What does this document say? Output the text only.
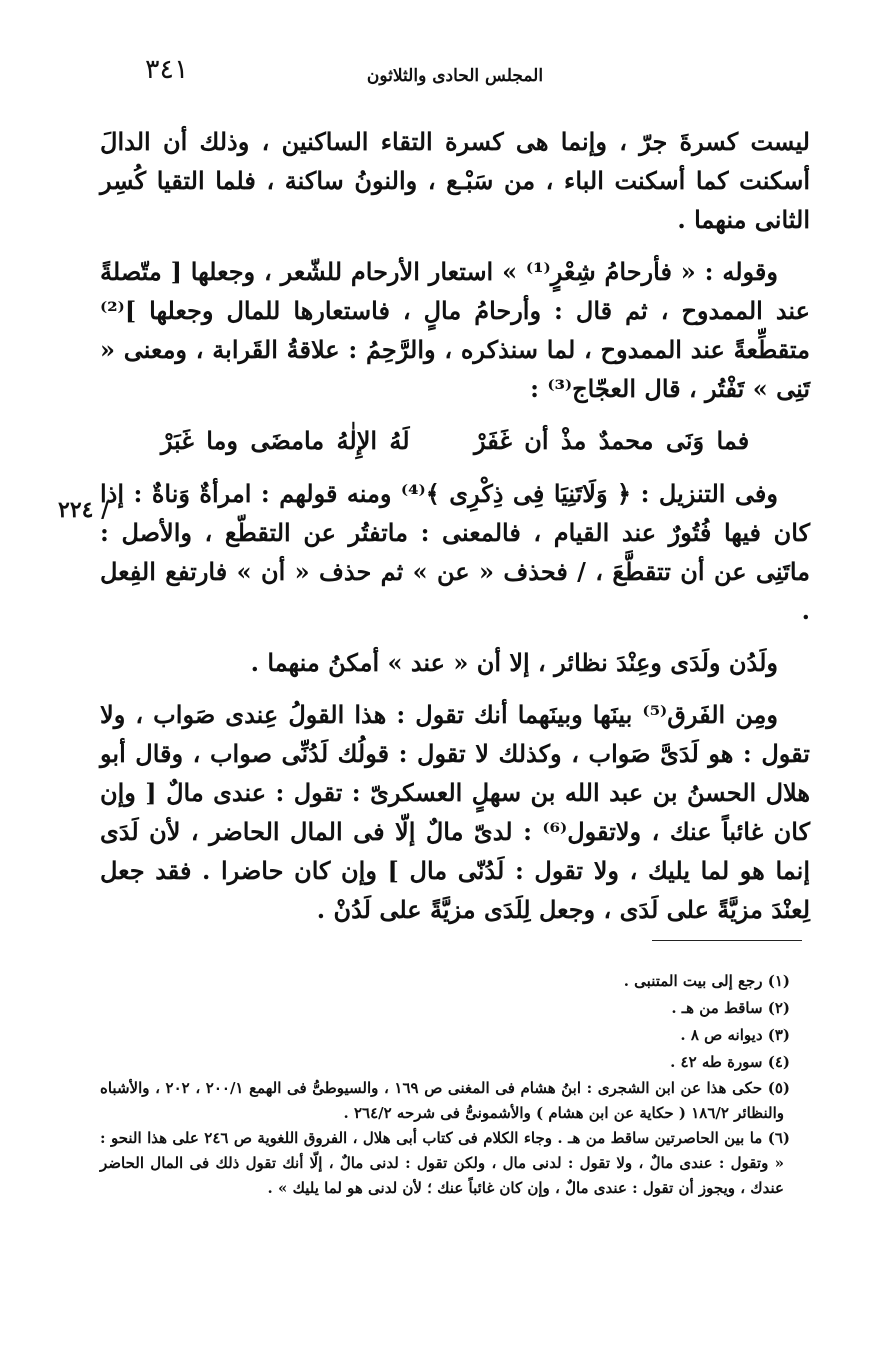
٣٤١	المجلس الحادى والثلاثون

ليست كسرةَ جرّ ، وإنما هى كسرة التقاء الساكنين ، وذلك أن الدالَ أسكنت كما أسكنت الباء ، من سَبْـع ، والنونُ ساكنة ، فلما التقيا كُسِر الثانى منهما .

وقوله : « فأرحامُ شِعْرٍ⁽¹⁾ » استعار الأرحام للشّعر ، وجعلها [ متّصلةً عند الممدوح ، ثم قال : وأرحامُ مالٍ ، فاستعارها للمال وجعلها ]⁽²⁾ متقطِّعةً عند الممدوح ، لما سنذكره ، والرَّحِمُ : علاقةُ القَرابة ، ومعنى « تَنِى » تَفْتُر ، قال العجّاج⁽³⁾ :

فما وَنَى محمدٌ مذْ أن غَفَرْ لَهُ الإِلٰهُ مامضَى وما غَبَرْ

وفى التنزيل : ﴿ وَلَاتَنِيَا فِى ذِكْرِى ﴾⁽⁴⁾ ومنه قولهم : امرأةٌ وَناةٌ : إذا كان فيها فُتُورٌ عند القيام ، فالمعنى : ماتفتُر عن التقطّع ، والأصل : ماتَنِى عن أن تتقطَّعَ ، / فحذف « عن » ثم حذف « أن » فارتفع الفِعل .

ولَدُن ولَدَى وعِنْدَ نظائر ، إلا أن « عند » أمكنُ منهما .

ومِن الفَرق⁽⁵⁾ بينَها وبينَهما أنك تقول : هذا القولُ عِندى صَواب ، ولا تقول : هو لَدَىَّ صَواب ، وكذلك لا تقول : قولُك لَدُنِّى صواب ، وقال أبو هلال الحسنُ بن عبد الله بن سهلٍ العسكرىّ : تقول : عندى مالٌ [ وإن كان غائباً عنك ، ولاتقول⁽⁶⁾ : لدىّ مالٌ إلّا فى المال الحاضر ، لأن لَدَى إنما هو لما يليك ، ولا تقول : لَدُنّى مال ] وإن كان حاضرا . فقد جعل لِعنْدَ مزيَّةً على لَدَى ، وجعل لِلَدَى مزيَّةً على لَدُنْ .

٢٢٤ /

(١) رجع إلى بيت المتنبى .

(٢) ساقط من هـ .

(٣) ديوانه ص ٨ .

(٤) سورة طه ٤٢ .

(٥) حكى هذا عن ابن الشجرى : ابنُ هشام فى المغنى ص ١٦٩ ، والسيوطىُّ فى الهمع ٢٠٠/١ ، ٢٠٢ ، والأشباه والنظائر ١٨٦/٢ ( حكاية عن ابن هشام ) والأشمونىُّ فى شرحه ٢٦٤/٢ .

(٦) ما بين الحاصرتين ساقط من هـ . وجاء الكلام فى كتاب أبى هلال ، الفروق اللغوية ص ٢٤٦ على هذا النحو : « وتقول : عندى مالٌ ، ولا تقول : لدنى مال ، ولكن تقول : لدنى مالٌ ، إلّا أنك تقول ذلك فى المال الحاضر عندك ، ويجوز أن تقول : عندى مالٌ ، وإن كان غائباً عنك ؛ لأن لدنى هو لما يليك » .
